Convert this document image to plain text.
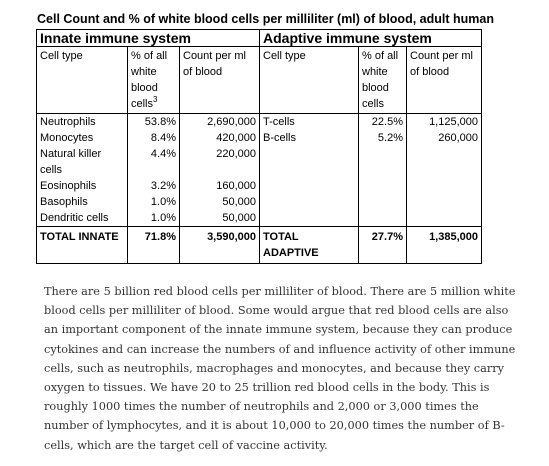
Cell Count and % of white blood cells per milliliter (ml) of blood, adult human
Innate immune system			Adaptive immune system		
Cell type	% of all white blood cells$^3$	Count per ml of blood	Cell type	% of all white blood cells	Count per ml of blood
Neutrophils	53.8%	2,690,000	T-cells	22.5%	1,125,000
Monocytes	8.4%	420,000	B-cells	5.2%	260,000
Natural killer cells	4.4%	220,000			
Eosinophils	3.2%	160,000			
Basophils	1.0%	50,000			
Dendritic cells	1.0%	50,000			
TOTAL INNATE	71.8%	3,590,000	TOTAL ADAPTIVE	27.7%	1,385,000

There are 5 billion red blood cells per milliliter of blood. There are 5 million white blood cells per milliliter of blood. Some would argue that red blood cells are also an important component of the innate immune system, because they can produce cytokines and can increase the numbers of and influence activity of other immune cells, such as neutrophils, macrophages and monocytes, and because they carry oxygen to tissues. We have 20 to 25 trillion red blood cells in the body. This is roughly 1000 times the number of neutrophils and 2,000 or 3,000 times the number of lymphocytes, and it is about 10,000 to 20,000 times the number of B-cells, which are the target cell of vaccine activity.
